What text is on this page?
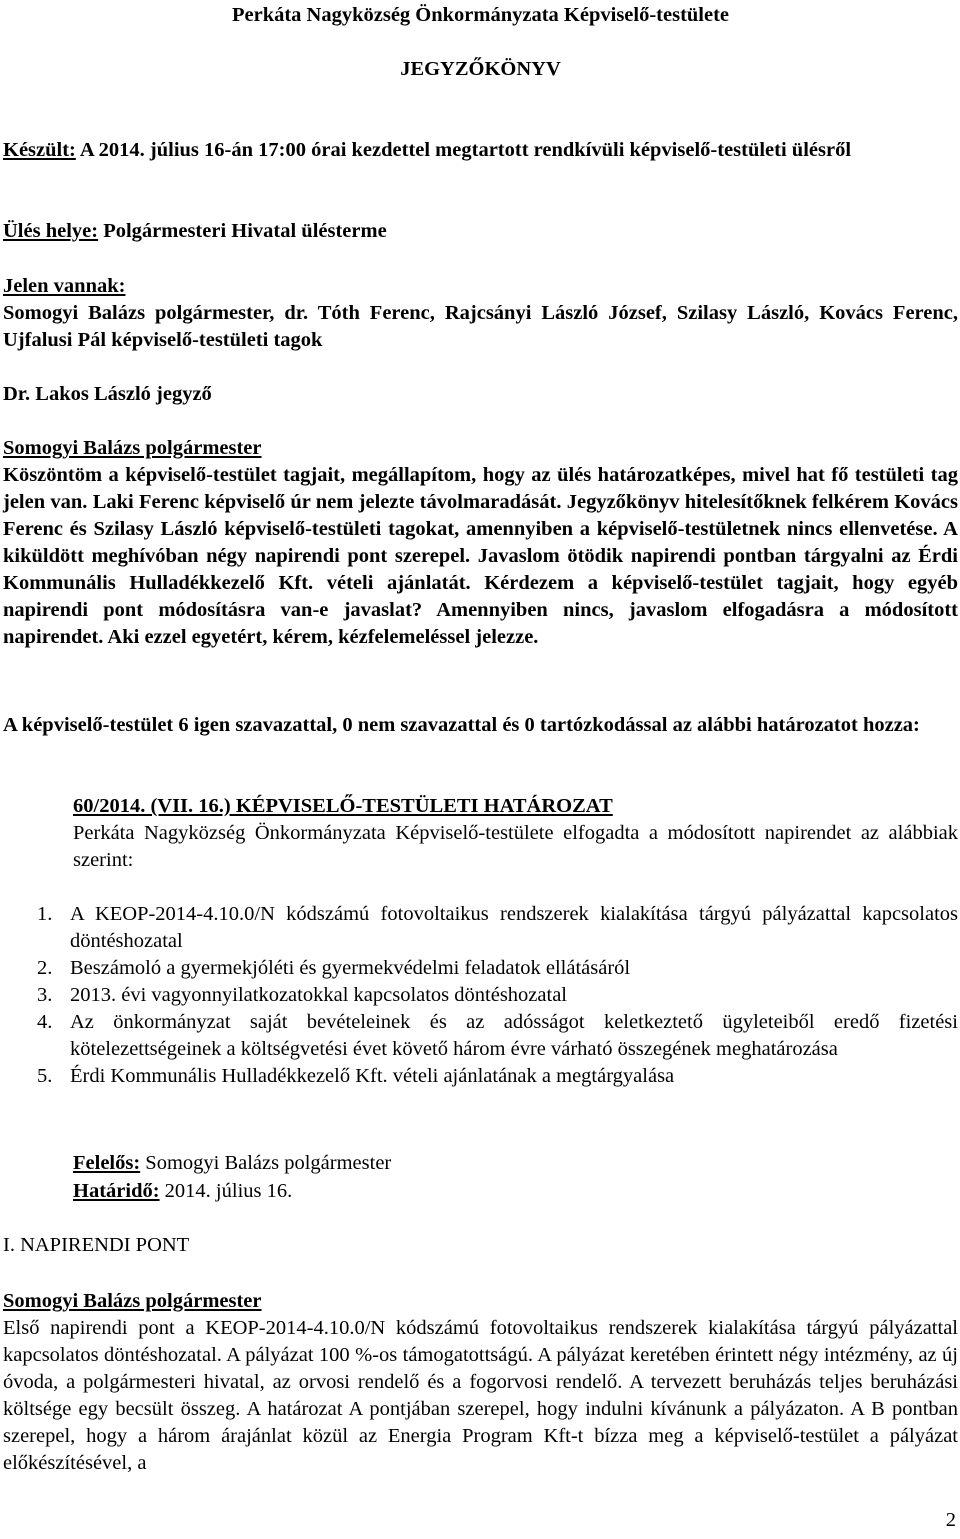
Perkáta Nagyközség Önkormányzata Képviselő-testülete
JEGYZŐKÖNYV
Készült: A 2014. július 16-án 17:00 órai kezdettel megtartott rendkívüli képviselő-testületi ülésről
Ülés helye: Polgármesteri Hivatal ülésterme
Jelen vannak:
Somogyi Balázs polgármester, dr. Tóth Ferenc, Rajcsányi László József, Szilasy László, Kovács Ferenc, Ujfalusi Pál képviselő-testületi tagok
Dr. Lakos László jegyző
Somogyi Balázs polgármester
Köszöntöm a képviselő-testület tagjait, megállapítom, hogy az ülés határozatképes, mivel hat fő testületi tag jelen van. Laki Ferenc képviselő úr nem jelezte távolmaradását. Jegyzőkönyv hitelesítőknek felkérem Kovács Ferenc és Szilasy László képviselő-testületi tagokat, amennyiben a képviselő-testületnek nincs ellenvetése. A kiküldött meghívóban négy napirendi pont szerepel. Javaslom ötödik napirendi pontban tárgyalni az Érdi Kommunális Hulladékkezelő Kft. vételi ajánlatát. Kérdezem a képviselő-testület tagjait, hogy egyéb napirendi pont módosításra van-e javaslat? Amennyiben nincs, javaslom elfogadásra a módosított napirendet. Aki ezzel egyetért, kérem, kézfelemeléssel jelezze.
A képviselő-testület 6 igen szavazattal, 0 nem szavazattal és 0 tartózkodással az alábbi határozatot hozza:
60/2014. (VII. 16.) KÉPVISELŐ-TESTÜLETI HATÁROZAT
Perkáta Nagyközség Önkormányzata Képviselő-testülete elfogadta a módosított napirendet az alábbiak szerint:
1. A KEOP-2014-4.10.0/N kódszámú fotovoltaikus rendszerek kialakítása tárgyú pályázattal kapcsolatos döntéshozatal
2. Beszámoló a gyermekjóléti és gyermekvédelmi feladatok ellátásáról
3. 2013. évi vagyonnyilatkozatokkal kapcsolatos döntéshozatal
4. Az önkormányzat saját bevételeinek és az adósságot keletkeztető ügyleteiből eredő fizetési kötelezettségeinek a költségvetési évet követő három évre várható összegének meghatározása
5. Érdi Kommunális Hulladékkezelő Kft. vételi ajánlatának a megtárgyalása
Felelős: Somogyi Balázs polgármester
Határidő: 2014. július 16.
I. NAPIRENDI PONT
Somogyi Balázs polgármester
Első napirendi pont a KEOP-2014-4.10.0/N kódszámú fotovoltaikus rendszerek kialakítása tárgyú pályázattal kapcsolatos döntéshozatal. A pályázat 100 %-os támogatottságú. A pályázat keretében érintett négy intézmény, az új óvoda, a polgármesteri hivatal, az orvosi rendelő és a fogorvosi rendelő. A tervezett beruházás teljes beruházási költsége egy becsült összeg. A határozat A pontjában szerepel, hogy indulni kívánunk a pályázaton. A B pontban szerepel, hogy a három árajánlat közül az Energia Program Kft-t bízza meg a képviselő-testület a pályázat előkészítésével, a
2
